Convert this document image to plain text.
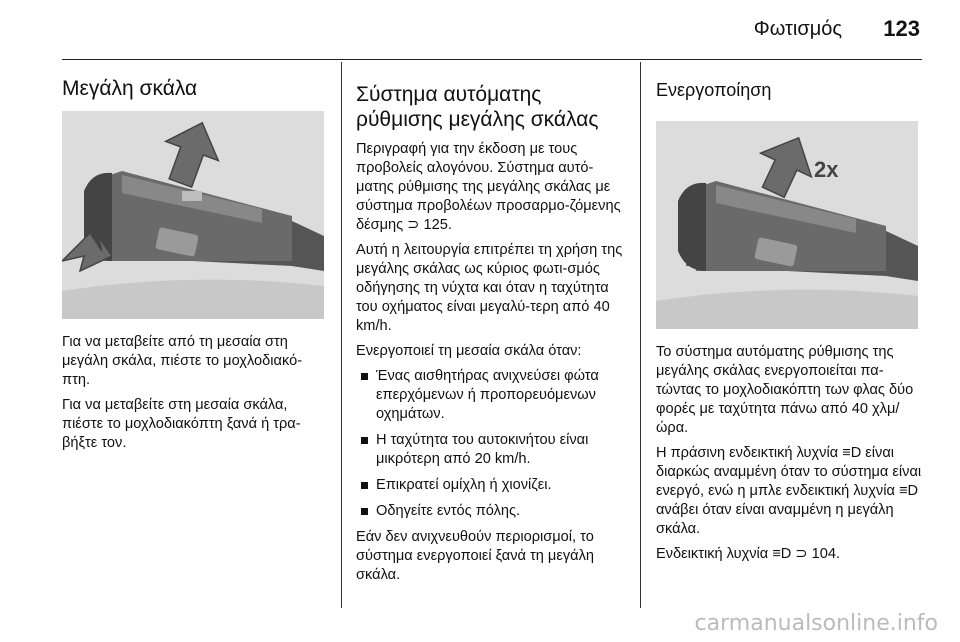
Φωτισμός 123
Μεγάλη σκάλα

Για να μεταβείτε από τη μεσαία στη μεγάλη σκάλα, πιέστε το μοχλοδιακό-πτη.

Για να μεταβείτε στη μεσαία σκάλα, πιέστε το μοχλοδιακόπτη ξανά ή τρα-βήξτε τον.

Σύστημα αυτόματης
ρύθμισης μεγάλης σκάλας

Περιγραφή για την έκδοση με τους προβολείς αλογόνου. Σύστημα αυτό-ματης ρύθμισης της μεγάλης σκάλας με σύστημα προβολέων προσαρμο-ζόμενης δέσμης ⊃ 125.

Αυτή η λειτουργία επιτρέπει τη χρήση της μεγάλης σκάλας ως κύριος φωτι-σμός οδήγησης τη νύχτα και όταν η ταχύτητα του οχήματος είναι μεγαλύ-τερη από 40 km/h.

Ενεργοποιεί τη μεσαία σκάλα όταν:

Ένας αισθητήρας ανιχνεύσει φώτα επερχόμενων ή προπορευόμενων οχημάτων.
Η ταχύτητα του αυτοκινήτου είναι μικρότερη από 20 km/h.
Επικρατεί ομίχλη ή χιονίζει.
Οδηγείτε εντός πόλης.

Εάν δεν ανιχνευθούν περιορισμοί, το σύστημα ενεργοποιεί ξανά τη μεγάλη σκάλα.

Ενεργοποίηση
2x

Το σύστημα αυτόματης ρύθμισης της μεγάλης σκάλας ενεργοποιείται πα-τώντας το μοχλοδιακόπτη των φλας δύο φορές με ταχύτητα πάνω από 40 χλμ/ώρα.

Η πράσινη ενδεικτική λυχνία ≡D είναι διαρκώς αναμμένη όταν το σύστημα είναι ενεργό, ενώ η μπλε ενδεικτική λυχνία ≡D ανάβει όταν είναι αναμμένη η μεγάλη σκάλα.

Ενδεικτική λυχνία ≡D ⊃ 104.

carmanualsonline.info
